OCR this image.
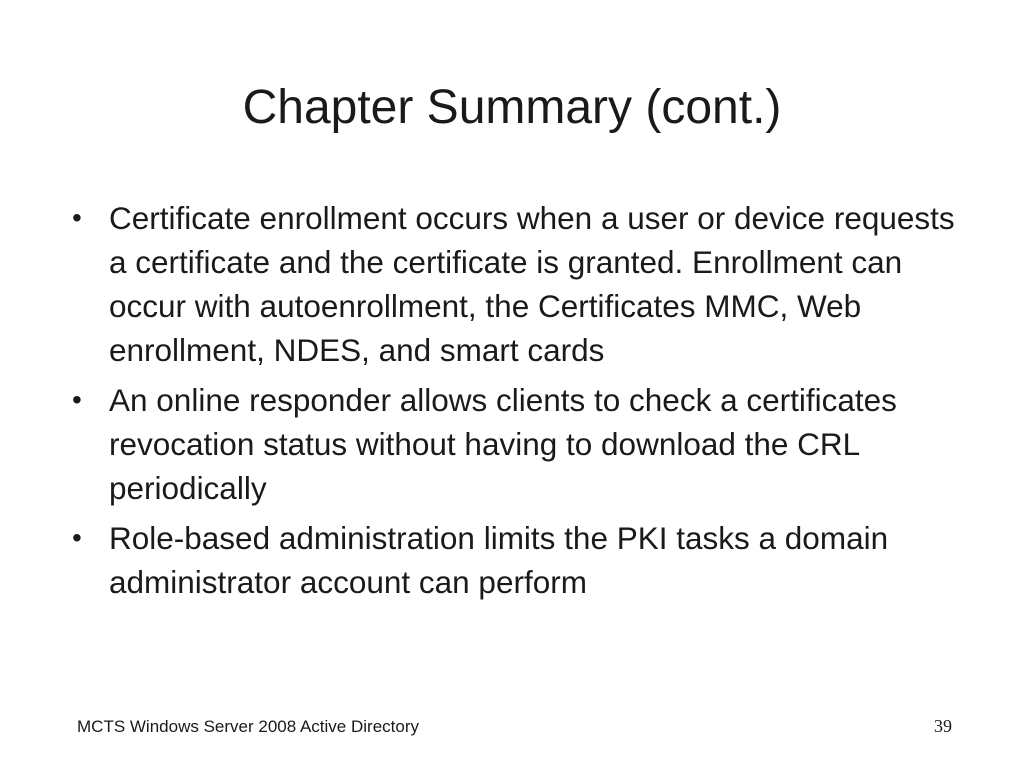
Chapter Summary (cont.)
• Certificate enrollment occurs when a user or device requests a certificate and the certificate is granted. Enrollment can occur with autoenrollment, the Certificates MMC, Web enrollment, NDES, and smart cards
• An online responder allows clients to check a certificates revocation status without having to download the CRL periodically
• Role-based administration limits the PKI tasks a domain administrator account can perform
MCTS Windows Server 2008 Active Directory	39
